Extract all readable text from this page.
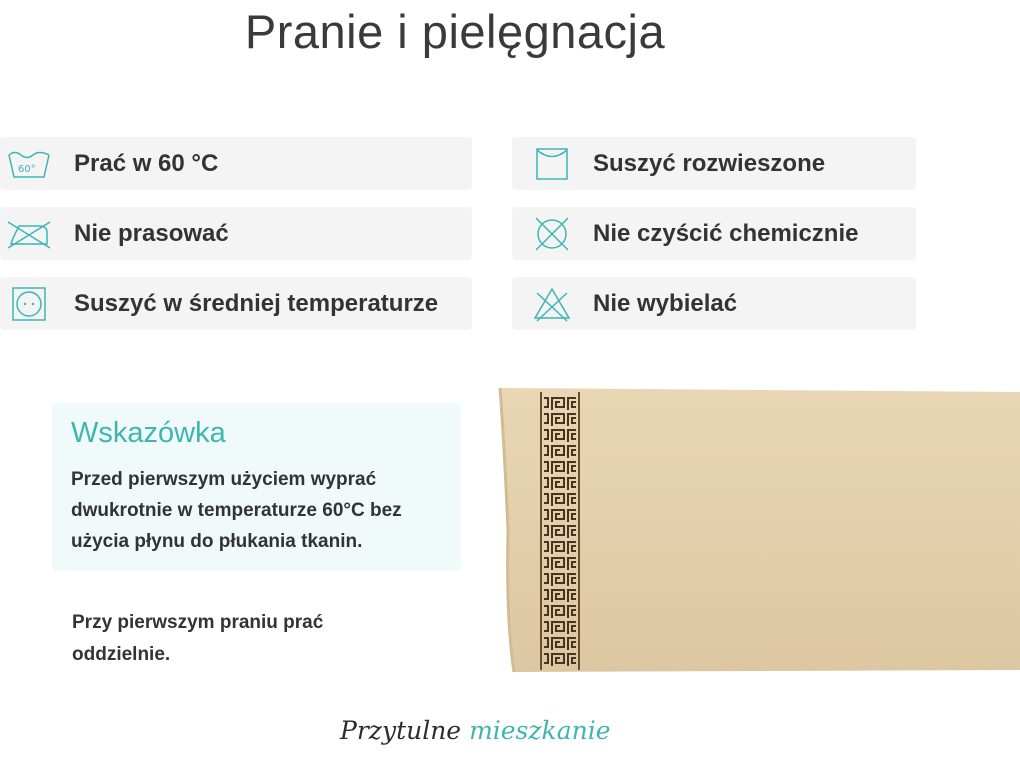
Pranie i pielęgnacja
60° Prać w 60 °C
Nie prasować
Suszyć w średniej temperaturze
Suszyć rozwieszone
Nie czyścić chemicznie
Nie wybielać
Wskazówka
Przed pierwszym użyciem wyprać dwukrotnie w temperaturze 60°C bez użycia płynu do płukania tkanin.
Przy pierwszym praniu prać oddzielnie.
Przytulne mieszkanie
